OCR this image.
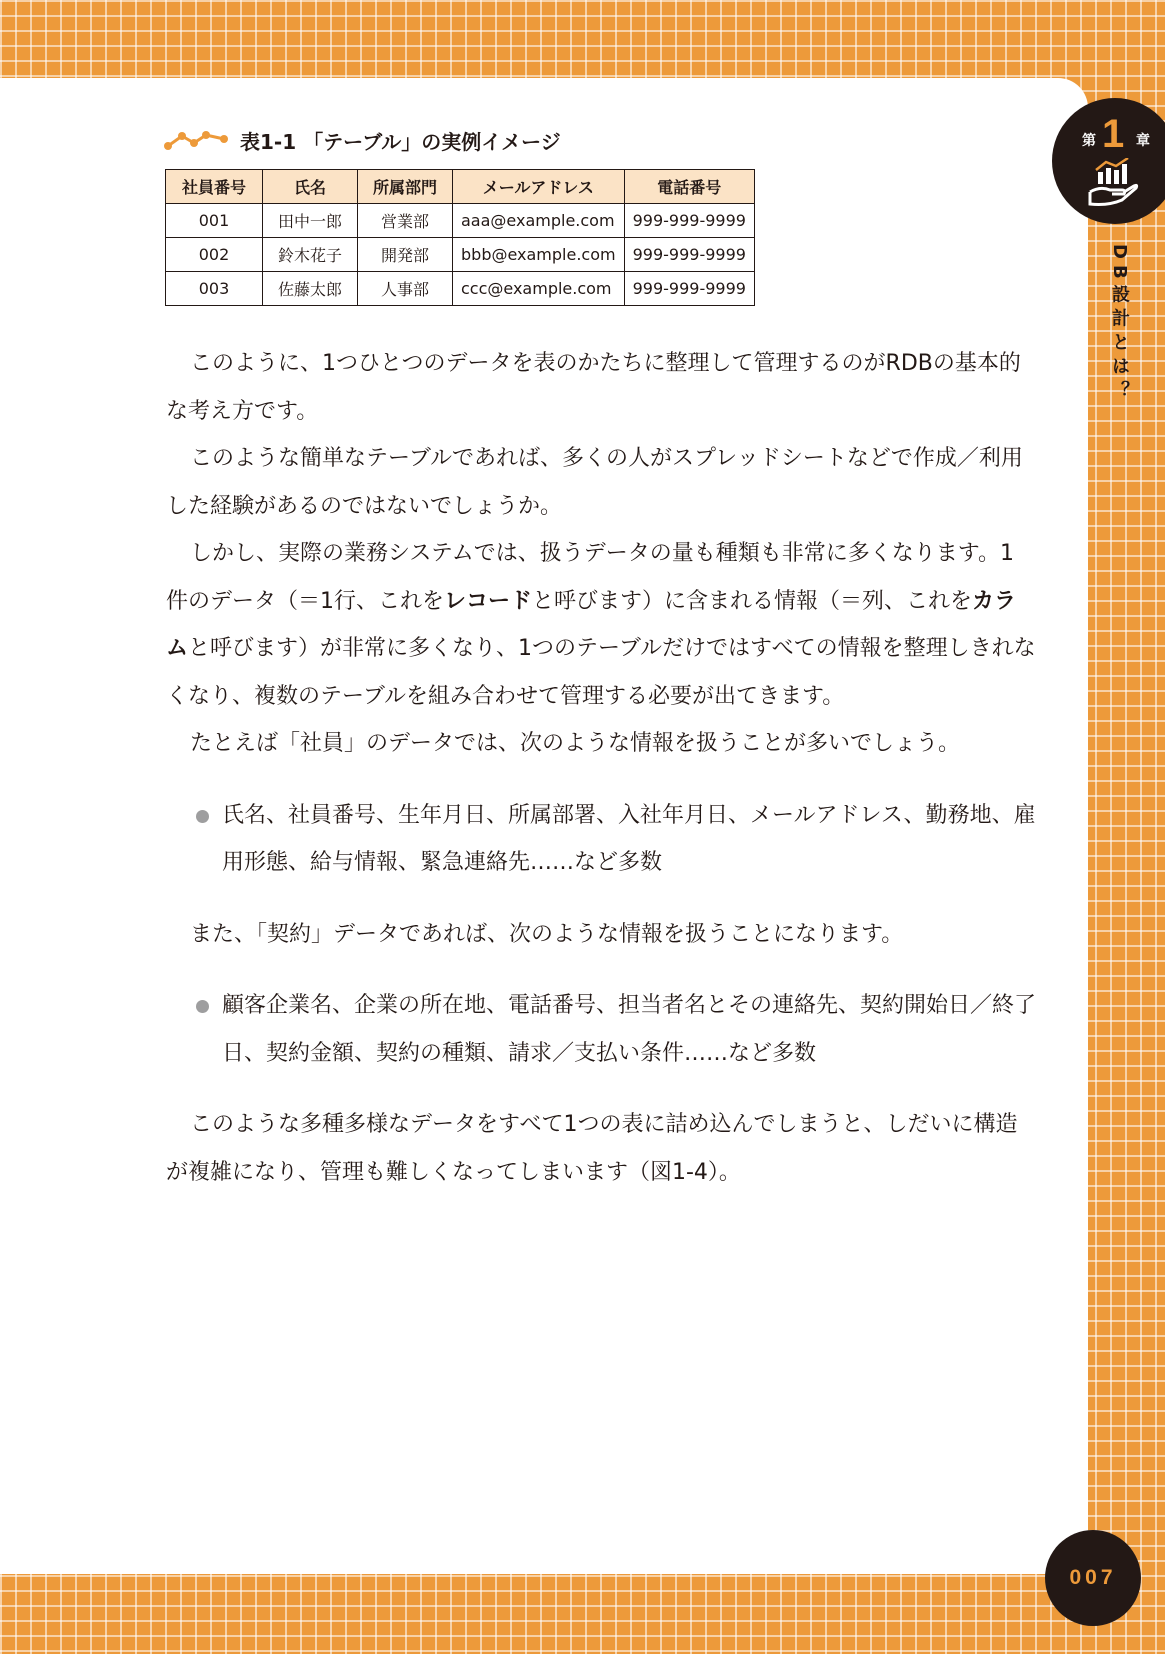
第 1 章
DB設計とは？
007
表1-1 「テーブル」の実例イメージ
社員番号	氏名	所属部門	メールアドレス	電話番号
001	田中一郎	営業部	aaa@example.com	999-999-9999
002	鈴木花子	開発部	bbb@example.com	999-999-9999
003	佐藤太郎	人事部	ccc@example.com	999-999-9999

このように、1つひとつのデータを表のかたちに整理して管理するのがRDBの基本的な考え方です。

このような簡単なテーブルであれば、多くの人がスプレッドシートなどで作成／利用した経験があるのではないでしょうか。

しかし、実際の業務システムでは、扱うデータの量も種類も非常に多くなります。1件のデータ（＝1行、これをレコードと呼びます）に含まれる情報（＝列、これをカラムと呼びます）が非常に多くなり、1つのテーブルだけではすべての情報を整理しきれなくなり、複数のテーブルを組み合わせて管理する必要が出てきます。

たとえば「社員」のデータでは、次のような情報を扱うことが多いでしょう。

氏名、社員番号、生年月日、所属部署、入社年月日、メールアドレス、勤務地、雇用形態、給与情報、緊急連絡先……など多数

また、「契約」データであれば、次のような情報を扱うことになります。

顧客企業名、企業の所在地、電話番号、担当者名とその連絡先、契約開始日／終了日、契約金額、契約の種類、請求／支払い条件……など多数

このような多種多様なデータをすべて1つの表に詰め込んでしまうと、しだいに構造が複雑になり、管理も難しくなってしまいます（図1-4）。
